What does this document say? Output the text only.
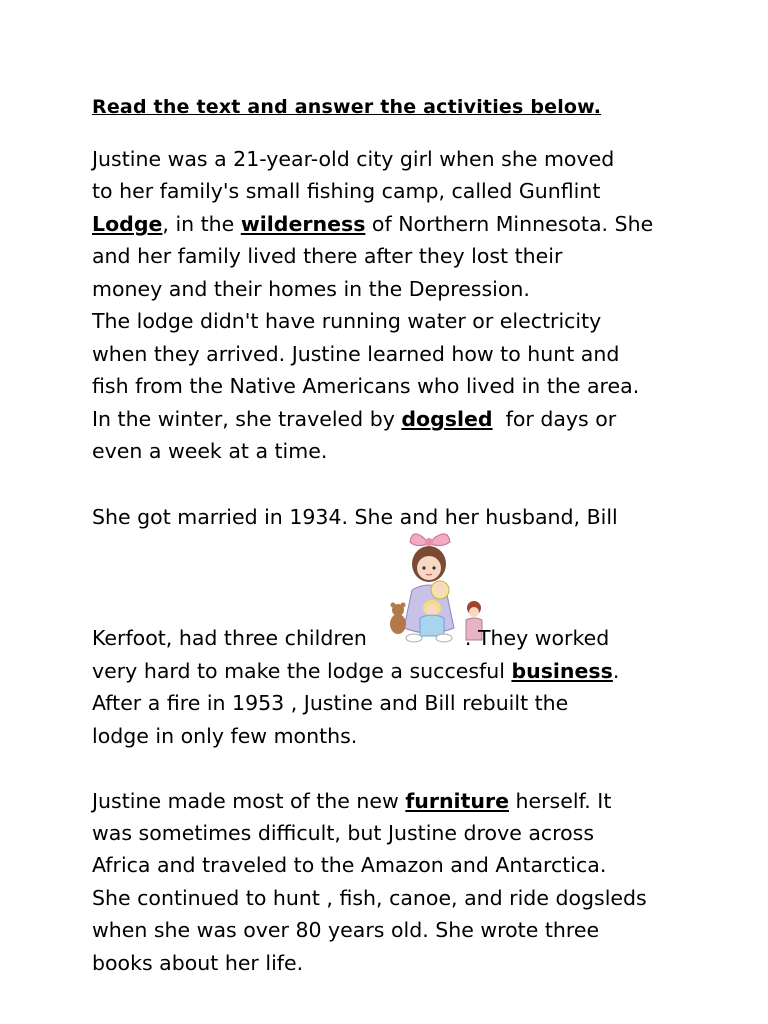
Read the text and answer the activities below.
Justine was a 21-year-old city girl when she moved
to her family's small fishing camp, called Gunflint
Lodge, in the wilderness of Northern Minnesota. She
and her family lived there after they lost their
money and their homes in the Depression.
The lodge didn't have running water or electricity
when they arrived. Justine learned how to hunt and
fish from the Native Americans who lived in the area.
In the winter, she traveled by dogsled  for days or
even a week at a time.
She got married in 1934. She and her husband, Bill
Kerfoot, had three children	. They worked
very hard to make the lodge a succesful business.
After a fire in 1953 , Justine and Bill rebuilt the
lodge in only few months.
Justine made most of the new furniture herself. It
was sometimes difficult, but Justine drove across
Africa and traveled to the Amazon and Antarctica.
She continued to hunt , fish, canoe, and ride dogsleds
when she was over 80 years old. She wrote three
books about her life.
